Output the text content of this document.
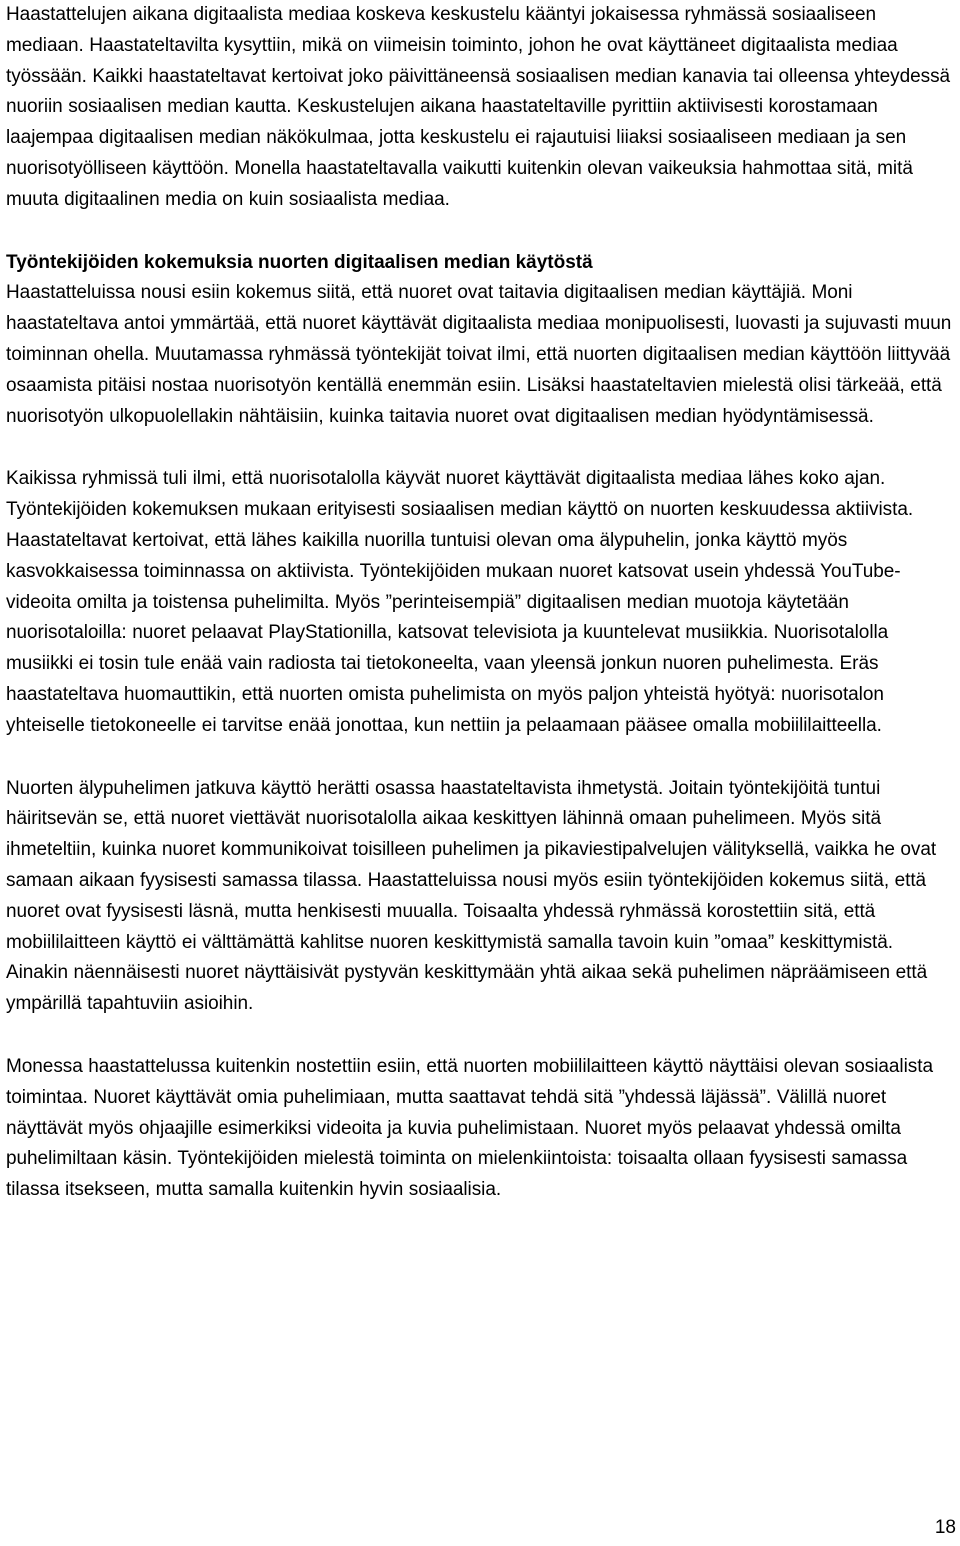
Haastattelujen aikana digitaalista mediaa koskeva keskustelu kääntyi jokaisessa ryhmässä sosiaaliseen mediaan. Haastateltavilta kysyttiin, mikä on viimeisin toiminto, johon he ovat käyttäneet digitaalista mediaa työssään. Kaikki haastateltavat kertoivat joko päivittäneensä sosiaalisen median kanavia tai olleensa yhteydessä nuoriin sosiaalisen median kautta. Keskustelujen aikana haastateltaville pyrittiin aktiivisesti korostamaan laajempaa digitaalisen median näkökulmaa, jotta keskustelu ei rajautuisi liiaksi sosiaaliseen mediaan ja sen nuorisotyölliseen käyttöön. Monella haastateltavalla vaikutti kuitenkin olevan vaikeuksia hahmottaa sitä, mitä muuta digitaalinen media on kuin sosiaalista mediaa.

Työntekijöiden kokemuksia nuorten digitaalisen median käytöstä

Haastatteluissa nousi esiin kokemus siitä, että nuoret ovat taitavia digitaalisen median käyttäjiä. Moni haastateltava antoi ymmärtää, että nuoret käyttävät digitaalista mediaa monipuolisesti, luovasti ja sujuvasti muun toiminnan ohella. Muutamassa ryhmässä työntekijät toivat ilmi, että nuorten digitaalisen median käyttöön liittyvää osaamista pitäisi nostaa nuorisotyön kentällä enemmän esiin. Lisäksi haastateltavien mielestä olisi tärkeää, että nuorisotyön ulkopuolellakin nähtäisiin, kuinka taitavia nuoret ovat digitaalisen median hyödyntämisessä.

Kaikissa ryhmissä tuli ilmi, että nuorisotalolla käyvät nuoret käyttävät digitaalista mediaa lähes koko ajan. Työntekijöiden kokemuksen mukaan erityisesti sosiaalisen median käyttö on nuorten keskuudessa aktiivista. Haastateltavat kertoivat, että lähes kaikilla nuorilla tuntuisi olevan oma älypuhelin, jonka käyttö myös kasvokkaisessa toiminnassa on aktiivista. Työntekijöiden mukaan nuoret katsovat usein yhdessä YouTube-videoita omilta ja toistensa puhelimilta. Myös ”perinteisempiä” digitaalisen median muotoja käytetään nuorisotaloilla: nuoret pelaavat PlayStationilla, katsovat televisiota ja kuuntelevat musiikkia. Nuorisotalolla musiikki ei tosin tule enää vain radiosta tai tietokoneelta, vaan yleensä jonkun nuoren puhelimesta. Eräs haastateltava huomauttikin, että nuorten omista puhelimista on myös paljon yhteistä hyötyä: nuorisotalon yhteiselle tietokoneelle ei tarvitse enää jonottaa, kun nettiin ja pelaamaan pääsee omalla mobiililaitteella.

Nuorten älypuhelimen jatkuva käyttö herätti osassa haastateltavista ihmetystä. Joitain työntekijöitä tuntui häiritsevän se, että nuoret viettävät nuorisotalolla aikaa keskittyen lähinnä omaan puhelimeen. Myös sitä ihmeteltiin, kuinka nuoret kommunikoivat toisilleen puhelimen ja pikaviestipalvelujen välityksellä, vaikka he ovat samaan aikaan fyysisesti samassa tilassa. Haastatteluissa nousi myös esiin työntekijöiden kokemus siitä, että nuoret ovat fyysisesti läsnä, mutta henkisesti muualla. Toisaalta yhdessä ryhmässä korostettiin sitä, että mobiililaitteen käyttö ei välttämättä kahlitse nuoren keskittymistä samalla tavoin kuin ”omaa” keskittymistä. Ainakin näennäisesti nuoret näyttäisivät pystyvän keskittymään yhtä aikaa sekä puhelimen näpräämiseen että ympärillä tapahtuviin asioihin.

Monessa haastattelussa kuitenkin nostettiin esiin, että nuorten mobiililaitteen käyttö näyttäisi olevan sosiaalista toimintaa. Nuoret käyttävät omia puhelimiaan, mutta saattavat tehdä sitä ”yhdessä läjässä”. Välillä nuoret näyttävät myös ohjaajille esimerkiksi videoita ja kuvia puhelimistaan. Nuoret myös pelaavat yhdessä omilta puhelimiltaan käsin. Työntekijöiden mielestä toiminta on mielenkiintoista: toisaalta ollaan fyysisesti samassa tilassa itsekseen, mutta samalla kuitenkin hyvin sosiaalisia.

18
